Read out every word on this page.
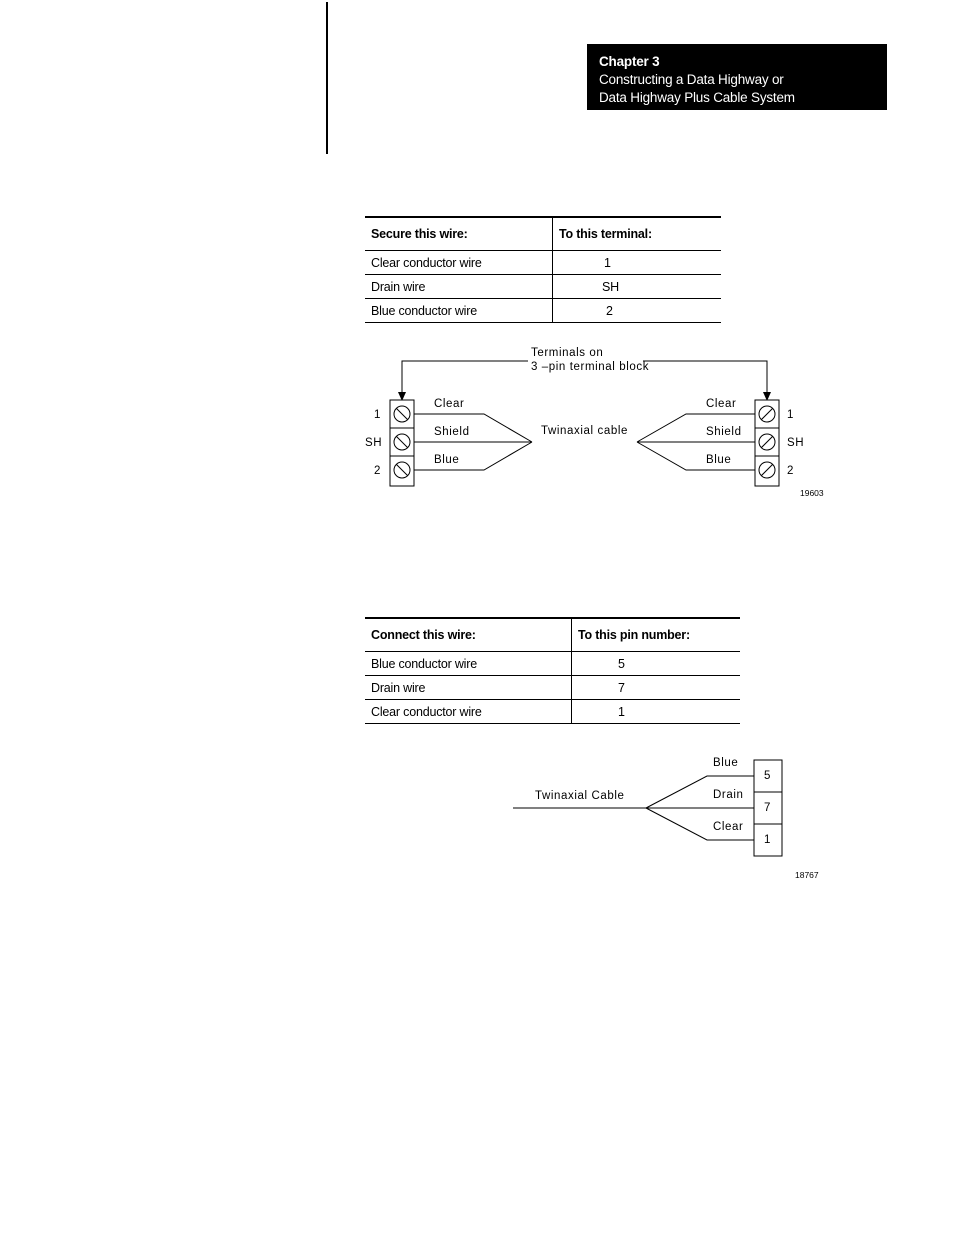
Chapter 3
Constructing a Data Highway or
Data Highway Plus Cable System
Secure this wire:	To this terminal:
Clear conductor wire	1
Drain wire	SH
Blue conductor wire	2
Terminals on
3 –pin terminal block
1
SH
2
Clear
Shield
Blue
Twinaxial cable
Clear
Shield
Blue
1
SH
2
19603
Twinaxial Cable
Blue
Drain
Clear
5
7
1
18767
Connect this wire:	To this pin number:
Blue conductor wire	5
Drain wire	7
Clear conductor wire	1
